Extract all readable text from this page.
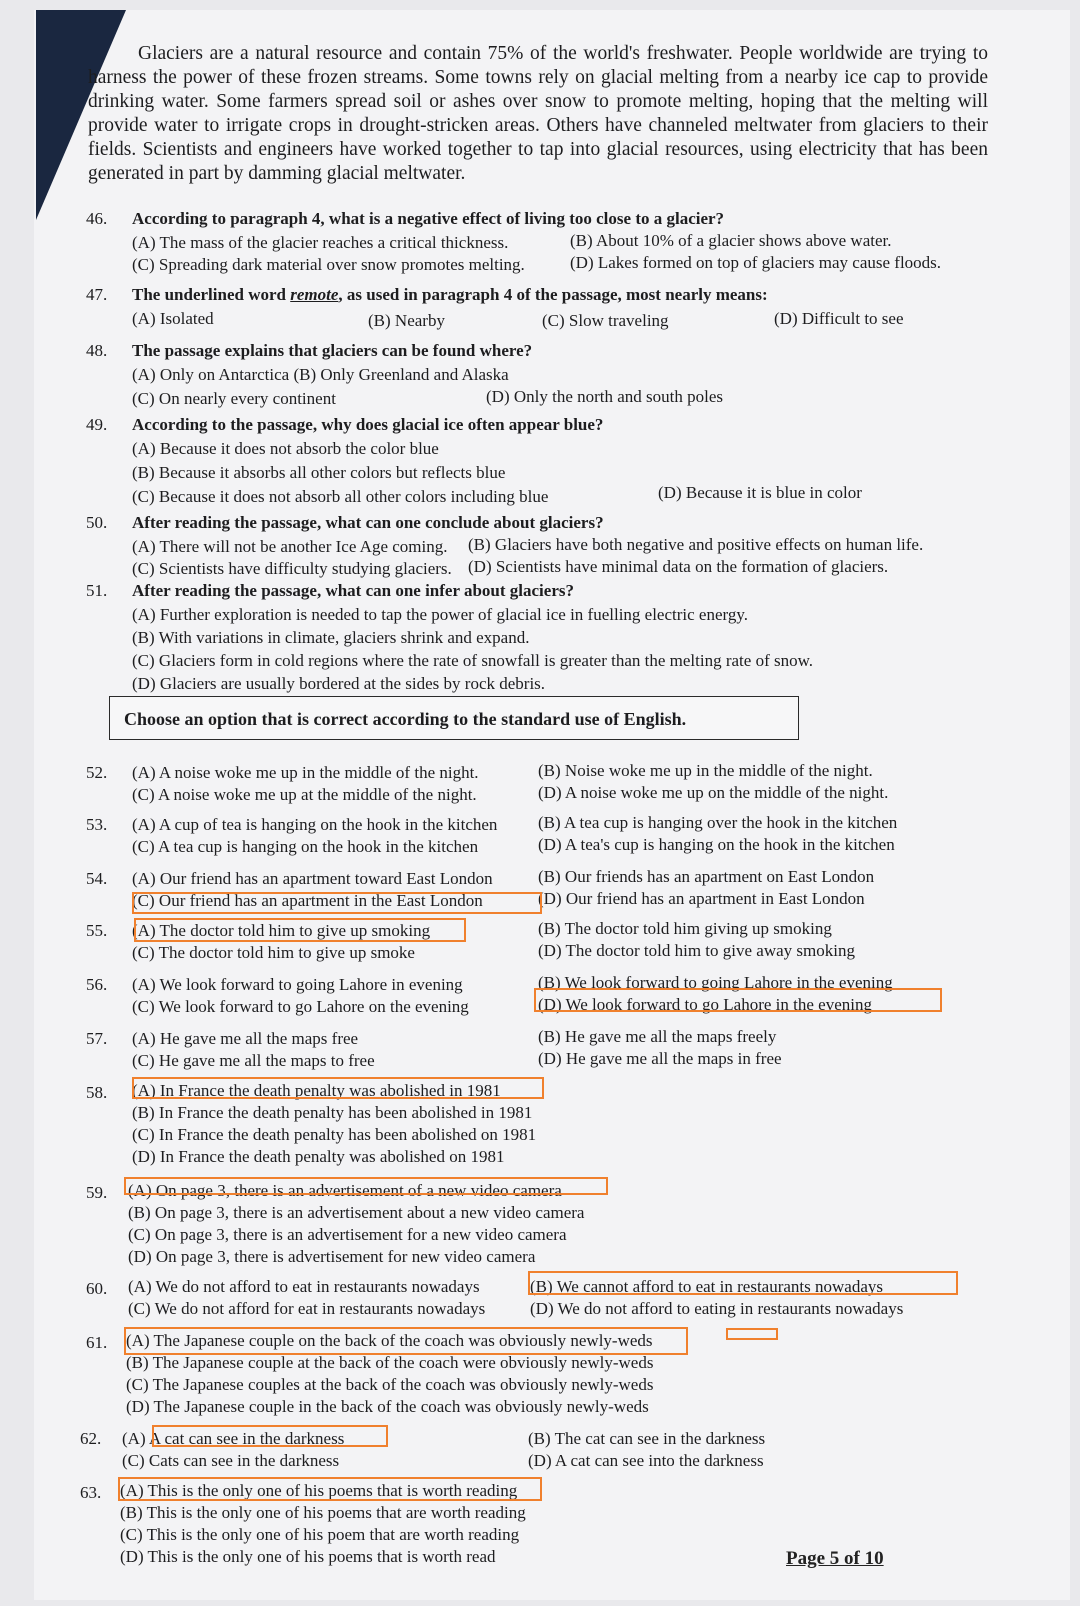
Glaciers are a natural resource and contain 75% of the world's freshwater. People worldwide are trying to harness the power of these frozen streams. Some towns rely on glacial melting from a nearby ice cap to provide drinking water. Some farmers spread soil or ashes over snow to promote melting, hoping that the melting will provide water to irrigate crops in drought-stricken areas. Others have channeled meltwater from glaciers to their fields. Scientists and engineers have worked together to tap into glacial resources, using electricity that has been generated in part by damming glacial meltwater.
46.	According to paragraph 4, what is a negative effect of living too close to a glacier?
(A) The mass of the glacier reaches a critical thickness.	(B) About 10% of a glacier shows above water.
(C) Spreading dark material over snow promotes melting.	(D) Lakes formed on top of glaciers may cause floods.
47.	The underlined word remote, as used in paragraph 4 of the passage, most nearly means:
(A) Isolated	(B) Nearby	(C) Slow traveling	(D) Difficult to see
48.	The passage explains that glaciers can be found where?
(A) Only on Antarctica (B) Only Greenland and Alaska
(C) On nearly every continent	(D) Only the north and south poles
49.	According to the passage, why does glacial ice often appear blue?
(A) Because it does not absorb the color blue
(B) Because it absorbs all other colors but reflects blue
(C) Because it does not absorb all other colors including blue	(D) Because it is blue in color
50.	After reading the passage, what can one conclude about glaciers?
(A) There will not be another Ice Age coming. (B) Glaciers have both negative and positive effects on human life.
(C) Scientists have difficulty studying glaciers. (D) Scientists have minimal data on the formation of glaciers.
51.	After reading the passage, what can one infer about glaciers?
(A) Further exploration is needed to tap the power of glacial ice in fuelling electric energy.
(B) With variations in climate, glaciers shrink and expand.
(C) Glaciers form in cold regions where the rate of snowfall is greater than the melting rate of snow.
(D) Glaciers are usually bordered at the sides by rock debris.
Choose an option that is correct according to the standard use of English.
52.	(A) A noise woke me up in the middle of the night.	(B) Noise woke me up in the middle of the night.
(C) A noise woke me up at the middle of the night.	(D) A noise woke me up on the middle of the night.
53.	(A) A cup of tea is hanging on the hook in the kitchen (B) A tea cup is hanging over the hook in the kitchen
(C) A tea cup is hanging on the hook in the kitchen	(D) A tea's cup is hanging on the hook in the kitchen
54.	(A) Our friend has an apartment toward East London	(B) Our friends has an apartment on East London
(C) Our friend has an apartment in the East London	(D) Our friend has an apartment in East London
55.	(A) The doctor told him to give up smoking	(B) The doctor told him giving up smoking
(C) The doctor told him to give up smoke	(D) The doctor told him to give away smoking
56.	(A) We look forward to going Lahore in evening	(B) We look forward to going Lahore in the evening
(C) We look forward to go Lahore on the evening	(D) We look forward to go Lahore in the evening
57.	(A) He gave me all the maps free	(B) He gave me all the maps freely
(C) He gave me all the maps to free	(D) He gave me all the maps in free
58.	(A) In France the death penalty was abolished in 1981
(B) In France the death penalty has been abolished in 1981
(C) In France the death penalty has been abolished on 1981
(D) In France the death penalty was abolished on 1981
59.	(A) On page 3, there is an advertisement of a new video camera
(B) On page 3, there is an advertisement about a new video camera
(C) On page 3, there is an advertisement for a new video camera
(D) On page 3, there is advertisement for new video camera
60.	(A) We do not afford to eat in restaurants nowadays	(B) We cannot afford to eat in restaurants nowadays
(C) We do not afford for eat in restaurants nowadays	(D) We do not afford to eating in restaurants nowadays
61.	(A) The Japanese couple on the back of the coach was obviously newly-weds
(B) The Japanese couple at the back of the coach were obviously newly-weds
(C) The Japanese couples at the back of the coach was obviously newly-weds
(D) The Japanese couple in the back of the coach was obviously newly-weds
62.	(A) A cat can see in the darkness	(B) The cat can see in the darkness
(C) Cats can see in the darkness	(D) A cat can see into the darkness
63.	(A) This is the only one of his poems that is worth reading
(B) This is the only one of his poems that are worth reading
(C) This is the only one of his poem that are worth reading
(D) This is the only one of his poems that is worth read	Page 5 of 10
